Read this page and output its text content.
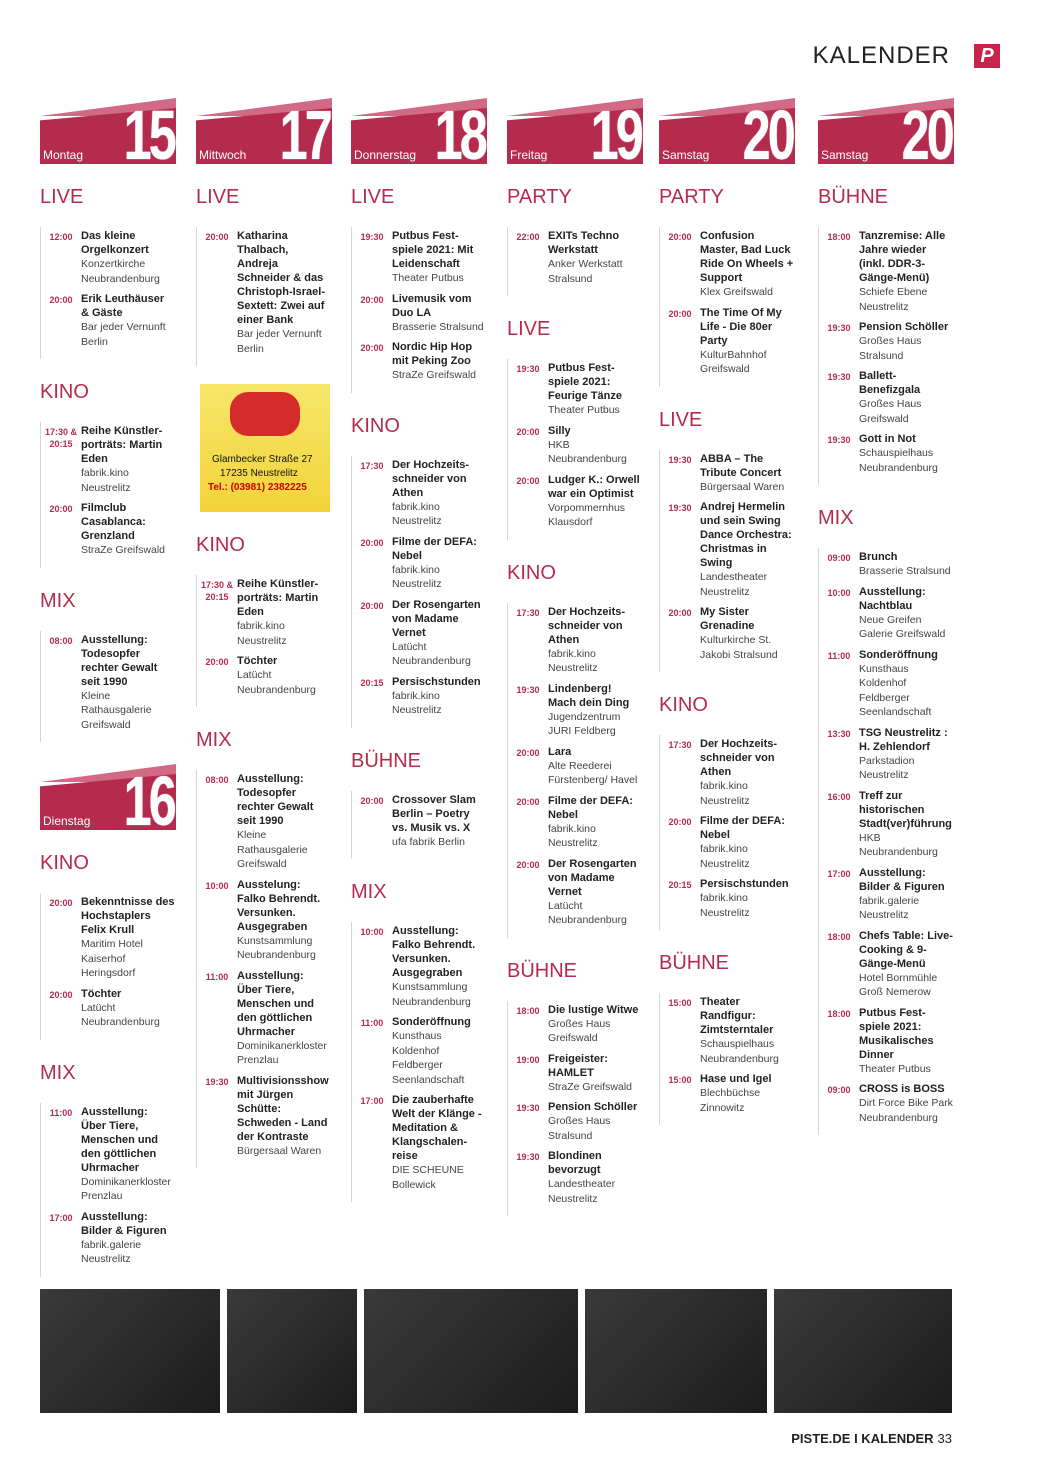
KALENDER	P
Montag 15
LIVE
12:00 Das kleine Orgelkonzert
Konzertkirche Neubrandenburg
20:00 Erik Leuthäuser & Gäste
Bar jeder Vernunft Berlin
KINO
17:30 & 20:15
Reihe Künstlerporträts: Martin Eden
fabrik.kino Neustrelitz
20:00 Filmclub Casablanca: Grenzland
StraZe Greifswald
MIX
08:00 Ausstellung: Todesopfer rechter Gewalt seit 1990
Kleine Rathausgalerie Greifswald
Dienstag 16
KINO
20:00 Bekenntnisse des Hochstaplers Felix Krull
Maritim Hotel Kaiserhof Heringsdorf
20:00 Töchter
Latücht Neubrandenburg
MIX
11:00 Ausstellung: Über Tiere, Menschen und den göttlichen Uhrmacher
Dominikanerkloster Prenzlau
17:00 Ausstellung: Bilder & Figuren
fabrik.galerie Neustrelitz
Mittwoch 17
LIVE
20:00 Katharina Thalbach, Andreja Schneider & das Christoph-Israel-Sextett: Zwei auf einer Bank
Bar jeder Vernunft Berlin
Glambecker Straße 27
17235 Neustrelitz
Tel.: (03981) 2382225
KINO
17:30 & 20:15
Reihe Künstlerporträts: Martin Eden
fabrik.kino Neustrelitz
20:00 Töchter
Latücht Neubrandenburg
MIX
08:00 Ausstellung: Todesopfer rechter Gewalt seit 1990
Kleine Rathausgalerie Greifswald
10:00 Ausstelung: Falko Behrendt. Versunken. Ausgegraben
Kunstsammlung Neubrandenburg
11:00 Ausstellung: Über Tiere, Menschen und den göttlichen Uhrmacher
Dominikanerkloster Prenzlau
19:30 Multivisionsshow mit Jürgen Schütte: Schweden - Land der Kontraste
Bürgersaal Waren
Donnerstag 18
LIVE
19:30 Putbus Festspiele 2021: Mit Leidenschaft
Theater Putbus
20:00 Livemusik vom Duo LA
Brasserie Stralsund
20:00 Nordic Hip Hop mit Peking Zoo
StraZe Greifswald
KINO
17:30 Der Hochzeitsschneider von Athen
fabrik.kino Neustrelitz
20:00 Filme der DEFA: Nebel
fabrik.kino Neustrelitz
20:00 Der Rosengarten von Madame Vernet
Latücht Neubrandenburg
20:15 Persischstunden
fabrik.kino Neustrelitz
BÜHNE
20:00 Crossover Slam Berlin – Poetry vs. Musik vs. X
ufa fabrik Berlin
MIX
10:00 Ausstellung: Falko Behrendt. Versunken. Ausgegraben
Kunstsammlung Neubrandenburg
11:00 Sonderöffnung
Kunsthaus Koldenhof Feldberger Seenlandschaft
17:00 Die zauberhafte Welt der Klänge - Meditation & Klangschalenreise
DIE SCHEUNE Bollewick
Freitag 19
PARTY
22:00 EXITs Techno Werkstatt
Anker Werkstatt Stralsund
LIVE
19:30 Putbus Festspiele 2021: Feurige Tänze
Theater Putbus
20:00 Silly
HKB Neubrandenburg
20:00 Ludger K.: Orwell war ein Optimist
Vorpommernhus Klausdorf
KINO
17:30 Der Hochzeitsschneider von Athen
fabrik.kino Neustrelitz
19:30 Lindenberg! Mach dein Ding
Jugendzentrum JURI Feldberg
20:00 Lara
Alte Reederei Fürstenberg/ Havel
20:00 Filme der DEFA: Nebel
fabrik.kino Neustrelitz
20:00 Der Rosengarten von Madame Vernet
Latücht Neubrandenburg
BÜHNE
18:00 Die lustige Witwe
Großes Haus Greifswald
19:00 Freigeister: HAMLET
StraZe Greifswald
19:30 Pension Schöller
Großes Haus Stralsund
19:30 Blondinen bevorzugt
Landestheater Neustrelitz
Samstag 20
PARTY
20:00 Confusion Master, Bad Luck Ride On Wheels + Support
Klex Greifswald
20:00 The Time Of My Life - Die 80er Party
KulturBahnhof Greifswald
LIVE
19:30 ABBA – The Tribute Concert
Bürgersaal Waren
19:30 Andrej Hermelin und sein Swing Dance Orchestra: Christmas in Swing
Landestheater Neustrelitz
20:00 My Sister Grenadine
Kulturkirche St. Jakobi Stralsund
KINO
17:30 Der Hochzeitsschneider von Athen
fabrik.kino Neustrelitz
20:00 Filme der DEFA: Nebel
fabrik.kino Neustrelitz
20:15 Persischstunden
fabrik.kino Neustrelitz
BÜHNE
15:00 Theater Randfigur: Zimtsterntaler
Schauspielhaus Neubrandenburg
15:00 Hase und Igel
Blechbüchse Zinnowitz
Samstag 20
BÜHNE
18:00 Tanzremise: Alle Jahre wieder (inkl. DDR-3-Gänge-Menü)
Schiefe Ebene Neustrelitz
19:30 Pension Schöller
Großes Haus Stralsund
19:30 Ballett-Benefizgala
Großes Haus Greifswald
19:30 Gott in Not
Schauspielhaus Neubrandenburg
MIX
09:00 Brunch
Brasserie Stralsund
10:00 Ausstellung: Nachtblau
Neue Greifen Galerie Greifswald
11:00 Sonderöffnung
Kunsthaus Koldenhof Feldberger Seenlandschaft
13:30 TSG Neustrelitz : H. Zehlendorf
Parkstadion Neustrelitz
16:00 Treff zur historischen Stadt(ver)führung
HKB Neubrandenburg
17:00 Ausstellung: Bilder & Figuren
fabrik.galerie Neustrelitz
18:00 Chefs Table: Live-Cooking & 9-Gänge-Menü
Hotel Bornmühle Groß Nemerow
18:00 Putbus Festspiele 2021: Musikalisches Dinner
Theater Putbus
09:00 CROSS is BOSS
Dirt Force Bike Park Neubrandenburg
PISTE.DE I KALENDER 33
